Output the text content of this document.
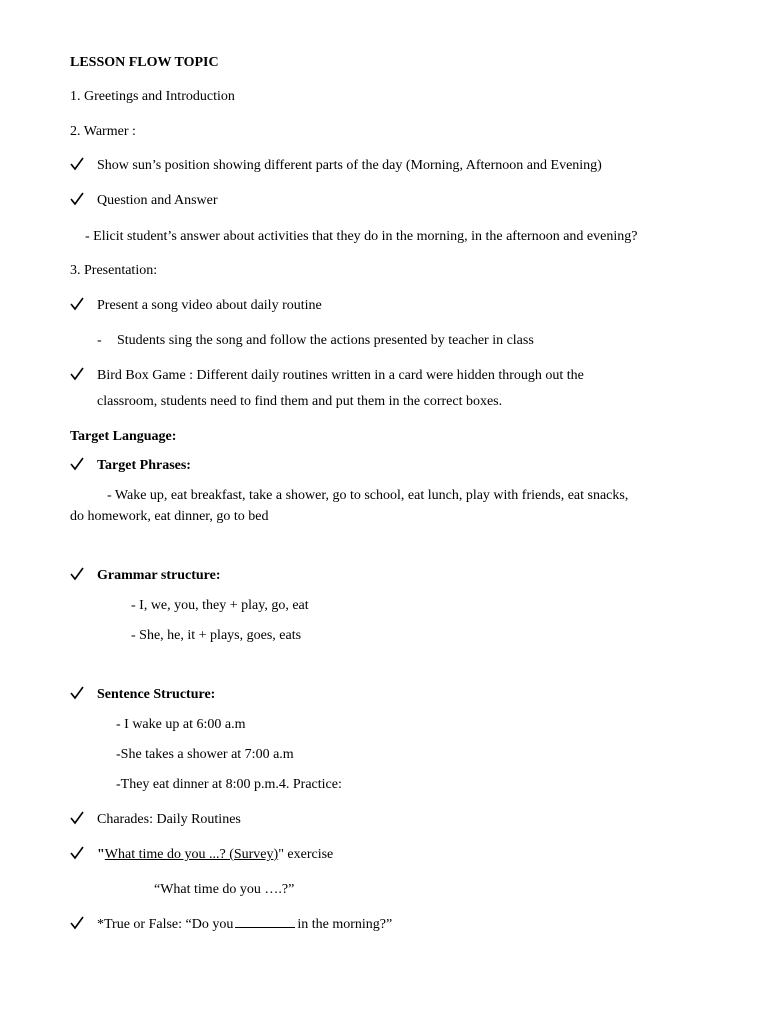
LESSON FLOW TOPIC
1. Greetings and Introduction
2. Warmer :
Show sun’s position showing different parts of the day (Morning, Afternoon and Evening)
Question and Answer
- Elicit student’s answer about activities that they do in the morning, in the afternoon and evening?
3. Presentation:
Present a song video about daily routine
- Students sing the song and follow the actions presented by teacher in class
Bird Box Game : Different daily routines written in a card were hidden through out the
classroom, students need to find them and put them in the correct boxes.
Target Language:
Target Phrases:
- Wake up, eat breakfast, take a shower, go to school, eat lunch, play with friends, eat snacks,
do homework, eat dinner, go to bed
Grammar structure:
- I, we, you, they + play, go, eat
- She, he, it + plays, goes, eats
Sentence Structure:
- I wake up at 6:00 a.m
-She takes a shower at 7:00 a.m
-They eat dinner at 8:00 p.m.4. Practice:
Charades: Daily Routines
"What time do you ...? (Survey)" exercise
“What time do you ….?”
*True or False: “Do you	in the morning?”
